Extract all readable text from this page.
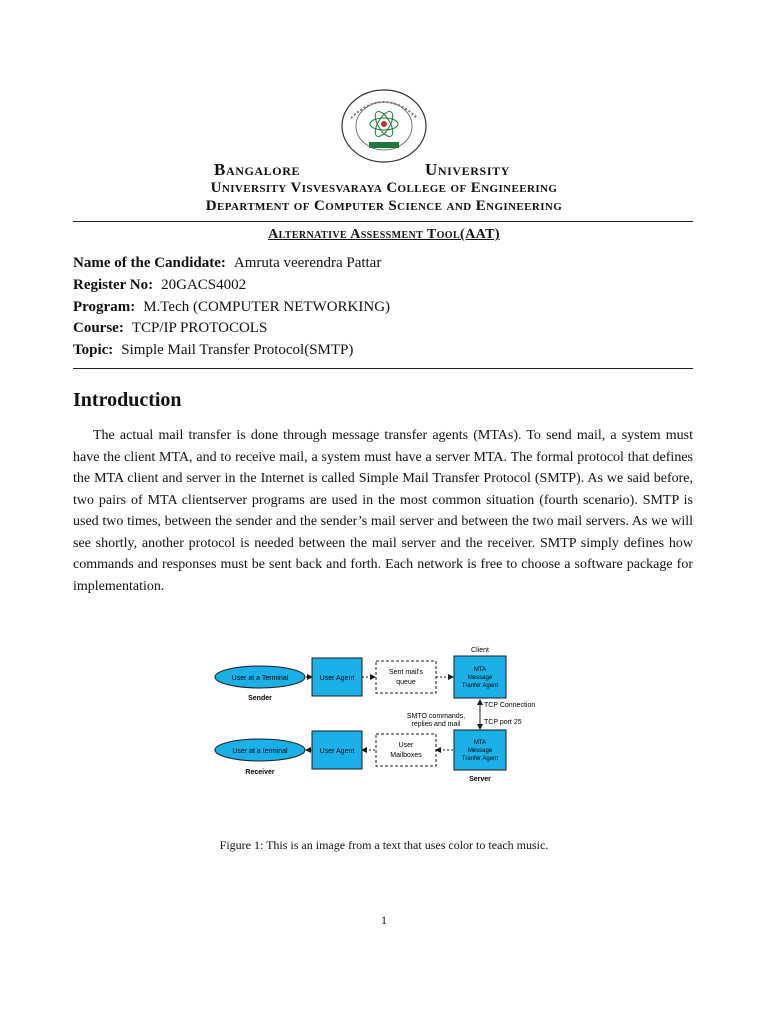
Bangalore	University
University Visvesvaraya College of Engineering
Department of Computer Science and Engineering
Alternative Assessment Tool(AAT)
Name of the Candidate: Amruta veerendra Pattar
Register No: 20GACS4002
Program: M.Tech (COMPUTER NETWORKING)
Course: TCP/IP PROTOCOLS
Topic: Simple Mail Transfer Protocol(SMTP)
Introduction

The actual mail transfer is done through message transfer agents (MTAs). To send mail, a system must have the client MTA, and to receive mail, a system must have a server MTA. The formal protocol that defines the MTA client and server in the Internet is called Simple Mail Transfer Protocol (SMTP). As we said before, two pairs of MTA clientserver programs are used in the most common situation (fourth scenario). SMTP is used two times, between the sender and the sender’s mail server and between the two mail servers. As we will see shortly, another protocol is needed between the mail server and the receiver. SMTP simply defines how commands and responses must be sent back and forth. Each network is free to choose a software package for implementation.

Client
User at a Terminal
Sender
User Agent
Sent mail's
queue
MTA
Message
Tranfer Agent
TCP Connection
TCP port 25
SMTO commands,
replies and mail
User at a terminal
Receiver
User Agent
User
Mailboxes
MTA
Message
Tranfer Agent
Server
Figure 1: This is an image from a text that uses color to teach music.
1
